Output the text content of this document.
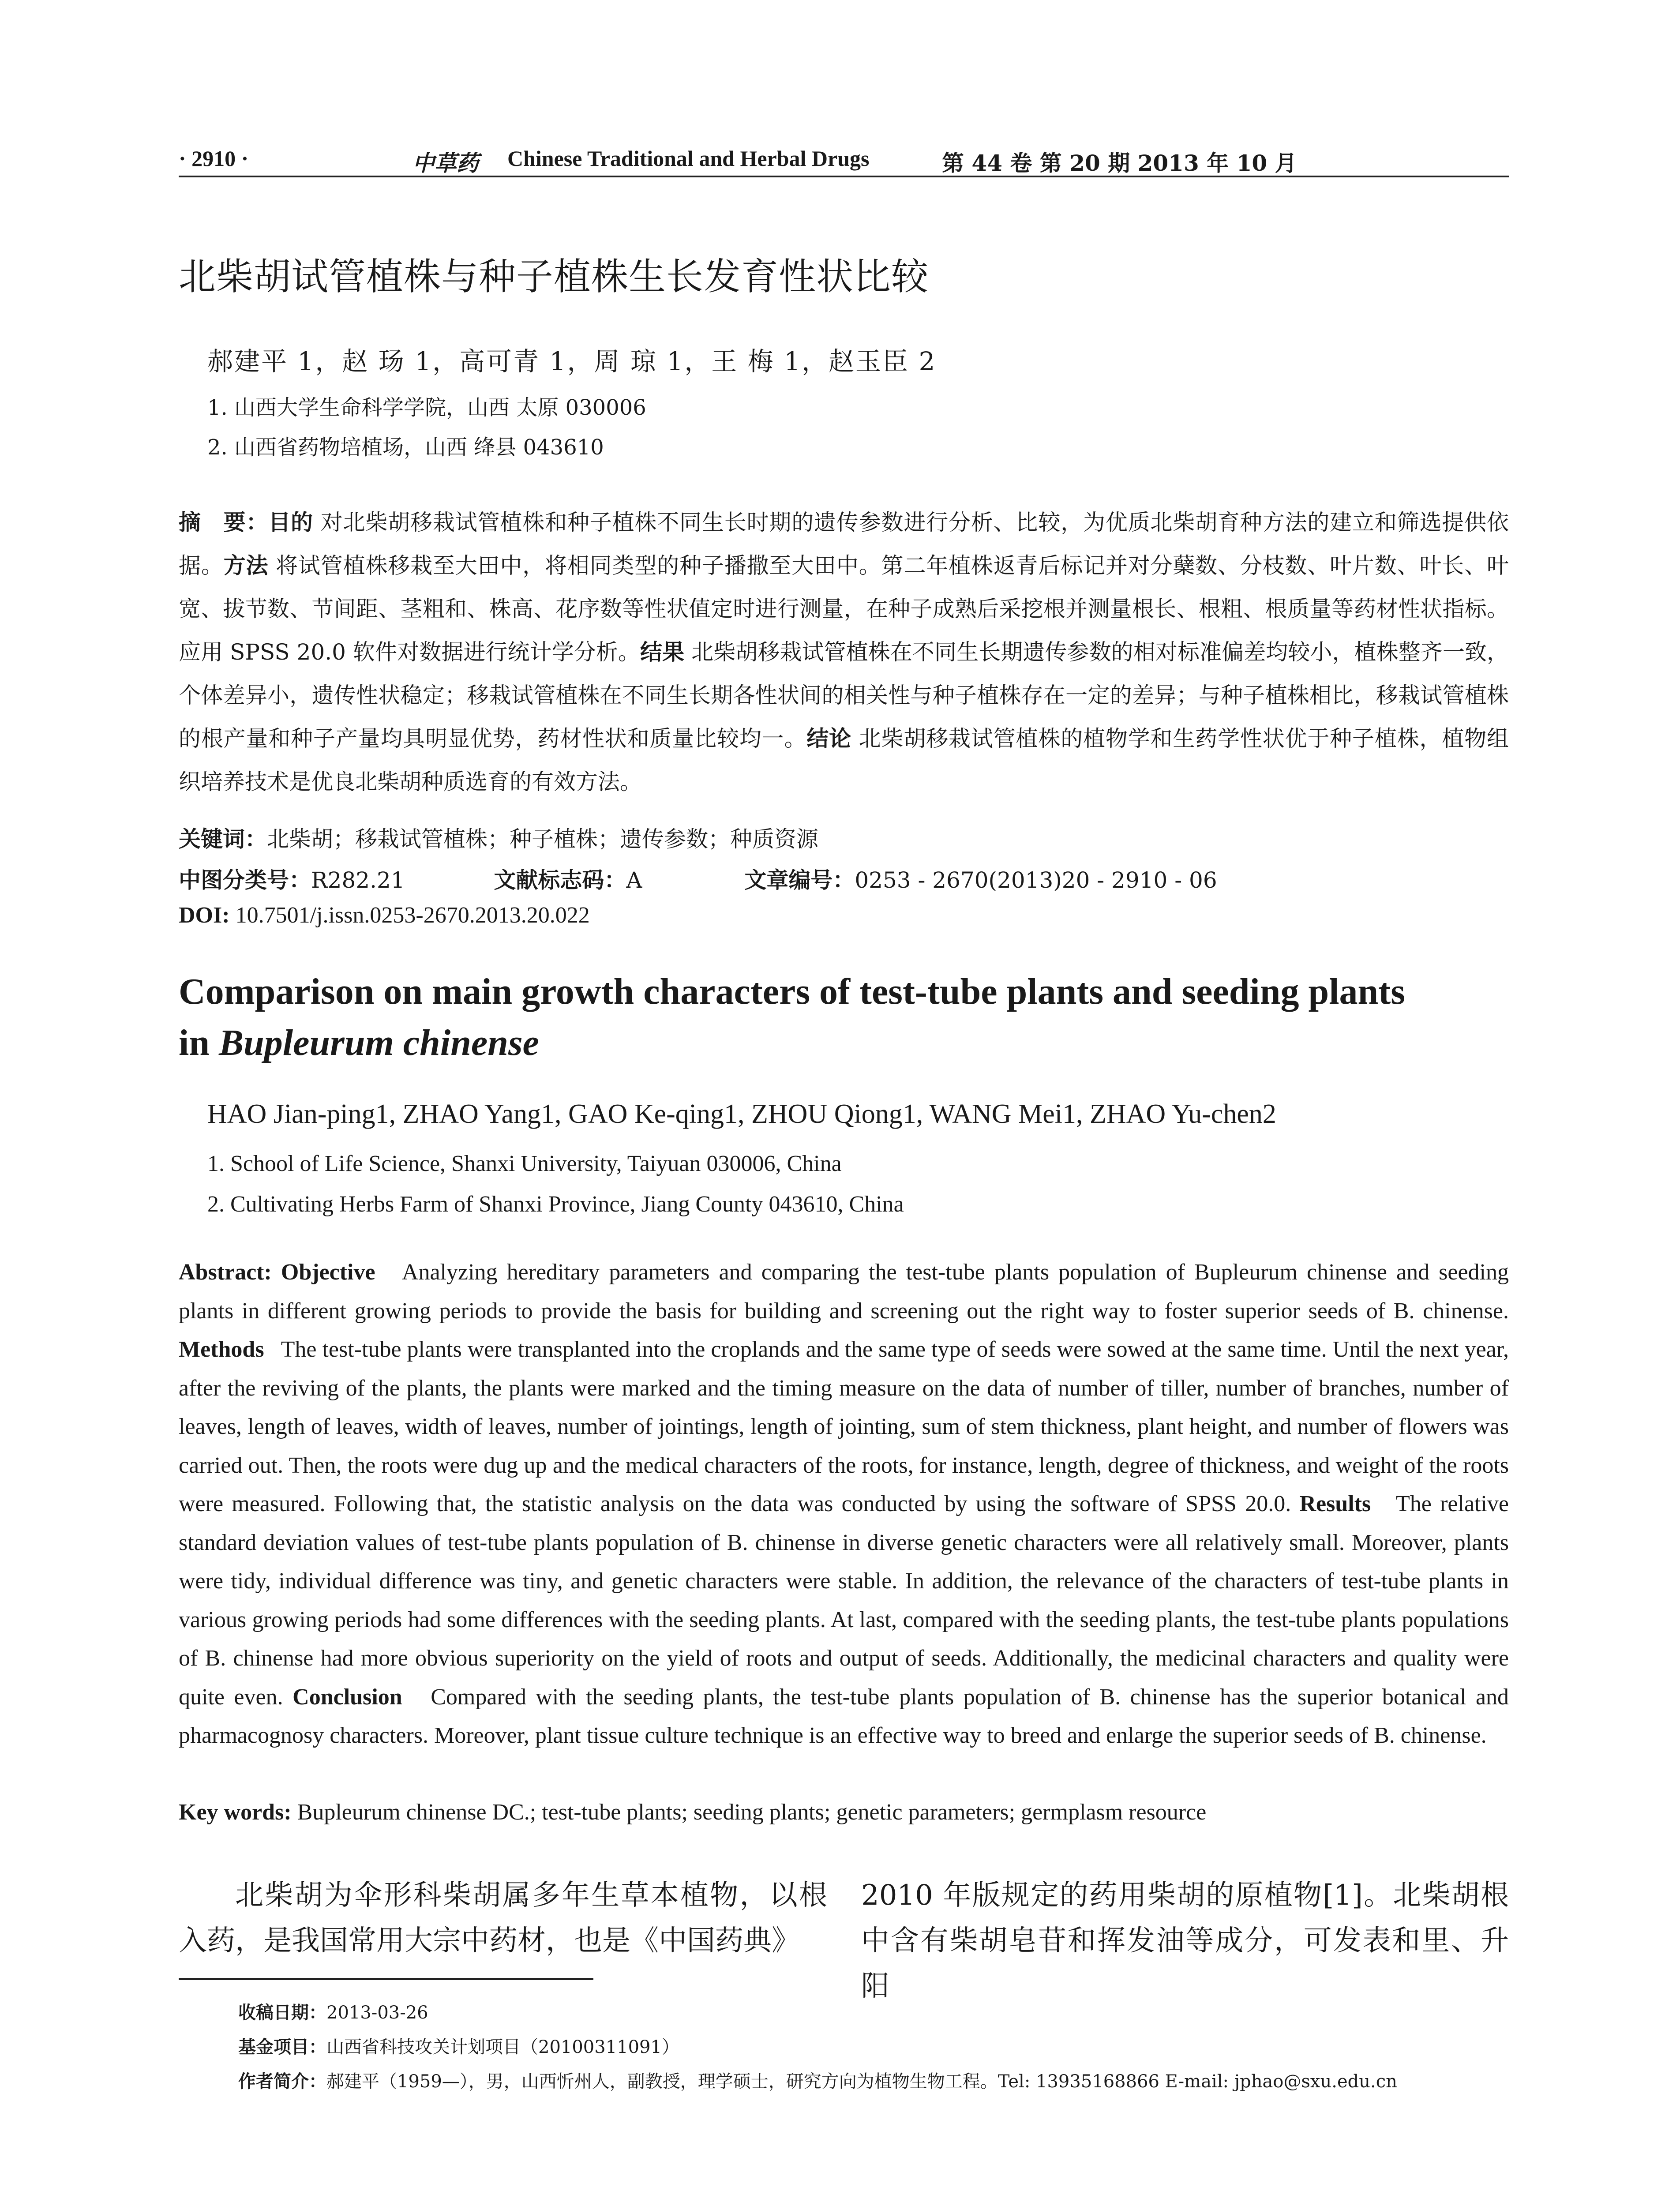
· 2910 ·	中草药 Chinese Traditional and Herbal Drugs	第 44 卷 第 20 期 2013 年 10 月
北柴胡试管植株与种子植株生长发育性状比较
郝建平 1，赵 玚 1，高可青 1，周 琼 1，王 梅 1，赵玉臣 2
1. 山西大学生命科学学院，山西 太原 030006
2. 山西省药物培植场，山西 绛县 043610
摘　要：目的 对北柴胡移栽试管植株和种子植株不同生长时期的遗传参数进行分析、比较，为优质北柴胡育种方法的建立和筛选提供依据。方法 将试管植株移栽至大田中，将相同类型的种子播撒至大田中。第二年植株返青后标记并对分蘖数、分枝数、叶片数、叶长、叶宽、拔节数、节间距、茎粗和、株高、花序数等性状值定时进行测量，在种子成熟后采挖根并测量根长、根粗、根质量等药材性状指标。应用 SPSS 20.0 软件对数据进行统计学分析。结果 北柴胡移栽试管植株在不同生长期遗传参数的相对标准偏差均较小，植株整齐一致，个体差异小，遗传性状稳定；移栽试管植株在不同生长期各性状间的相关性与种子植株存在一定的差异；与种子植株相比，移栽试管植株的根产量和种子产量均具明显优势，药材性状和质量比较均一。结论 北柴胡移栽试管植株的植物学和生药学性状优于种子植株，植物组织培养技术是优良北柴胡种质选育的有效方法。
关键词：北柴胡；移栽试管植株；种子植株；遗传参数；种质资源
中图分类号：R282.21	文献标志码：A	文章编号：0253 - 2670(2013)20 - 2910 - 06
DOI: 10.7501/j.issn.0253-2670.2013.20.022
Comparison on main growth characters of test-tube plants and seeding plants
in Bupleurum chinense
HAO Jian-ping1, ZHAO Yang1, GAO Ke-qing1, ZHOU Qiong1, WANG Mei1, ZHAO Yu-chen2
1. School of Life Science, Shanxi University, Taiyuan 030006, China
2. Cultivating Herbs Farm of Shanxi Province, Jiang County 043610, China
Abstract: Objective Analyzing hereditary parameters and comparing the test-tube plants population of Bupleurum chinense and seeding plants in different growing periods to provide the basis for building and screening out the right way to foster superior seeds of B. chinense. Methods The test-tube plants were transplanted into the croplands and the same type of seeds were sowed at the same time. Until the next year, after the reviving of the plants, the plants were marked and the timing measure on the data of number of tiller, number of branches, number of leaves, length of leaves, width of leaves, number of jointings, length of jointing, sum of stem thickness, plant height, and number of flowers was carried out. Then, the roots were dug up and the medical characters of the roots, for instance, length, degree of thickness, and weight of the roots were measured. Following that, the statistic analysis on the data was conducted by using the software of SPSS 20.0. Results The relative standard deviation values of test-tube plants population of B. chinense in diverse genetic characters were all relatively small. Moreover, plants were tidy, individual difference was tiny, and genetic characters were stable. In addition, the relevance of the characters of test-tube plants in various growing periods had some differences with the seeding plants. At last, compared with the seeding plants, the test-tube plants populations of B. chinense had more obvious superiority on the yield of roots and output of seeds. Additionally, the medicinal characters and quality were quite even. Conclusion Compared with the seeding plants, the test-tube plants population of B. chinense has the superior botanical and pharmacognosy characters. Moreover, plant tissue culture technique is an effective way to breed and enlarge the superior seeds of B. chinense.
Key words: Bupleurum chinense DC.; test-tube plants; seeding plants; genetic parameters; germplasm resource
北柴胡为伞形科柴胡属多年生草本植物，以根入药，是我国常用大宗中药材，也是《中国药典》
2010 年版规定的药用柴胡的原植物[1]。北柴胡根中含有柴胡皂苷和挥发油等成分，可发表和里、升阳
收稿日期：2013-03-26
基金项目：山西省科技攻关计划项目（20100311091）
作者简介：郝建平（1959—），男，山西忻州人，副教授，理学硕士，研究方向为植物生物工程。Tel: 13935168866 E-mail: jphao@sxu.edu.cn
